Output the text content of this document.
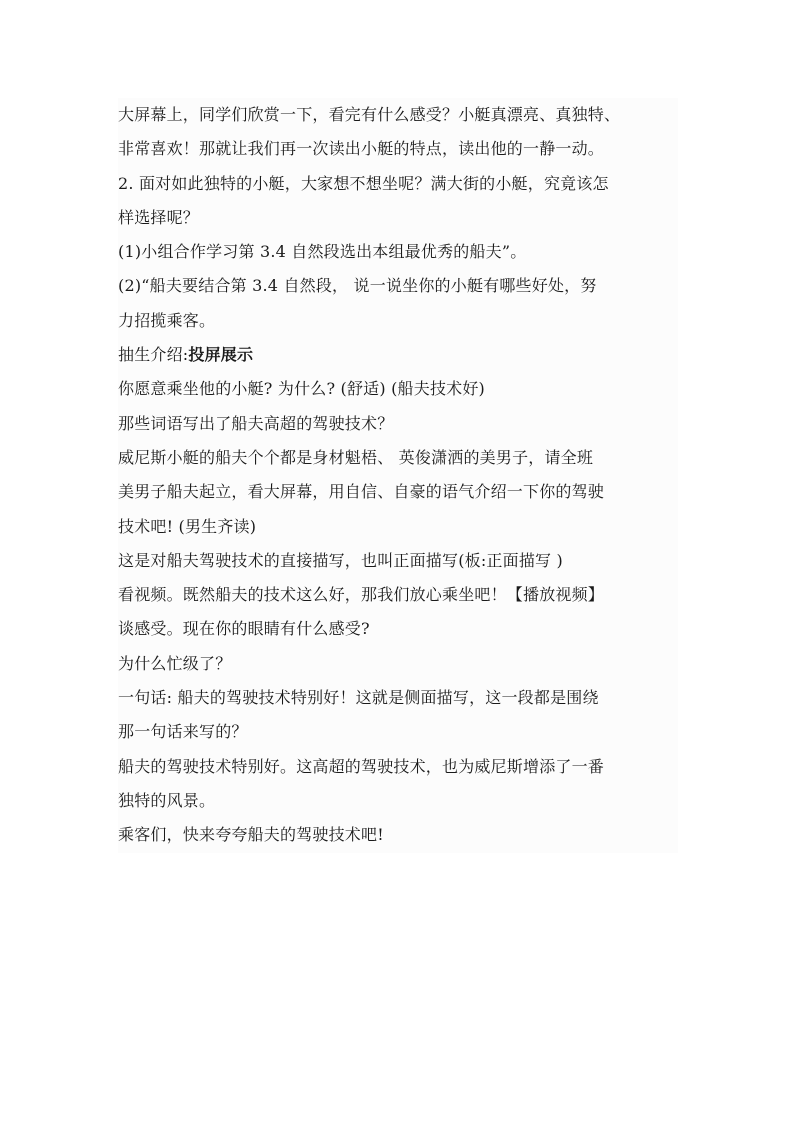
大屏幕上，同学们欣赏一下，看完有什么感受？小艇真漂亮、真独特、
非常喜欢！那就让我们再一次读出小艇的特点，读出他的一静一动。
2. 面对如此独特的小艇，大家想不想坐呢？满大街的小艇，究竟该怎
样选择呢？
(1)小组合作学习第 3.4 自然段选出本组最优秀的船夫”。
(2)“船夫要结合第 3.4 自然段， 说一说坐你的小艇有哪些好处，努
力招揽乘客。
抽生介绍:投屏展示
你愿意乘坐他的小艇? 为什么? (舒适) (船夫技术好)
那些词语写出了船夫高超的驾驶技术？
威尼斯小艇的船夫个个都是身材魁梧、 英俊潇洒的美男子，请全班
美男子船夫起立，看大屏幕，用自信、自豪的语气介绍一下你的驾驶
技术吧! (男生齐读)
这是对船夫驾驶技术的直接描写，也叫正面描写(板:正面描写 )
看视频。既然船夫的技术这么好，那我们放心乘坐吧！【播放视频】
谈感受。现在你的眼睛有什么感受?
为什么忙级了？
一句话: 船夫的驾驶技术特别好！这就是侧面描写，这一段都是围绕
那一句话来写的？
船夫的驾驶技术特别好。这高超的驾驶技术，也为威尼斯增添了一番
独特的风景。
乘客们，快来夸夸船夫的驾驶技术吧!
